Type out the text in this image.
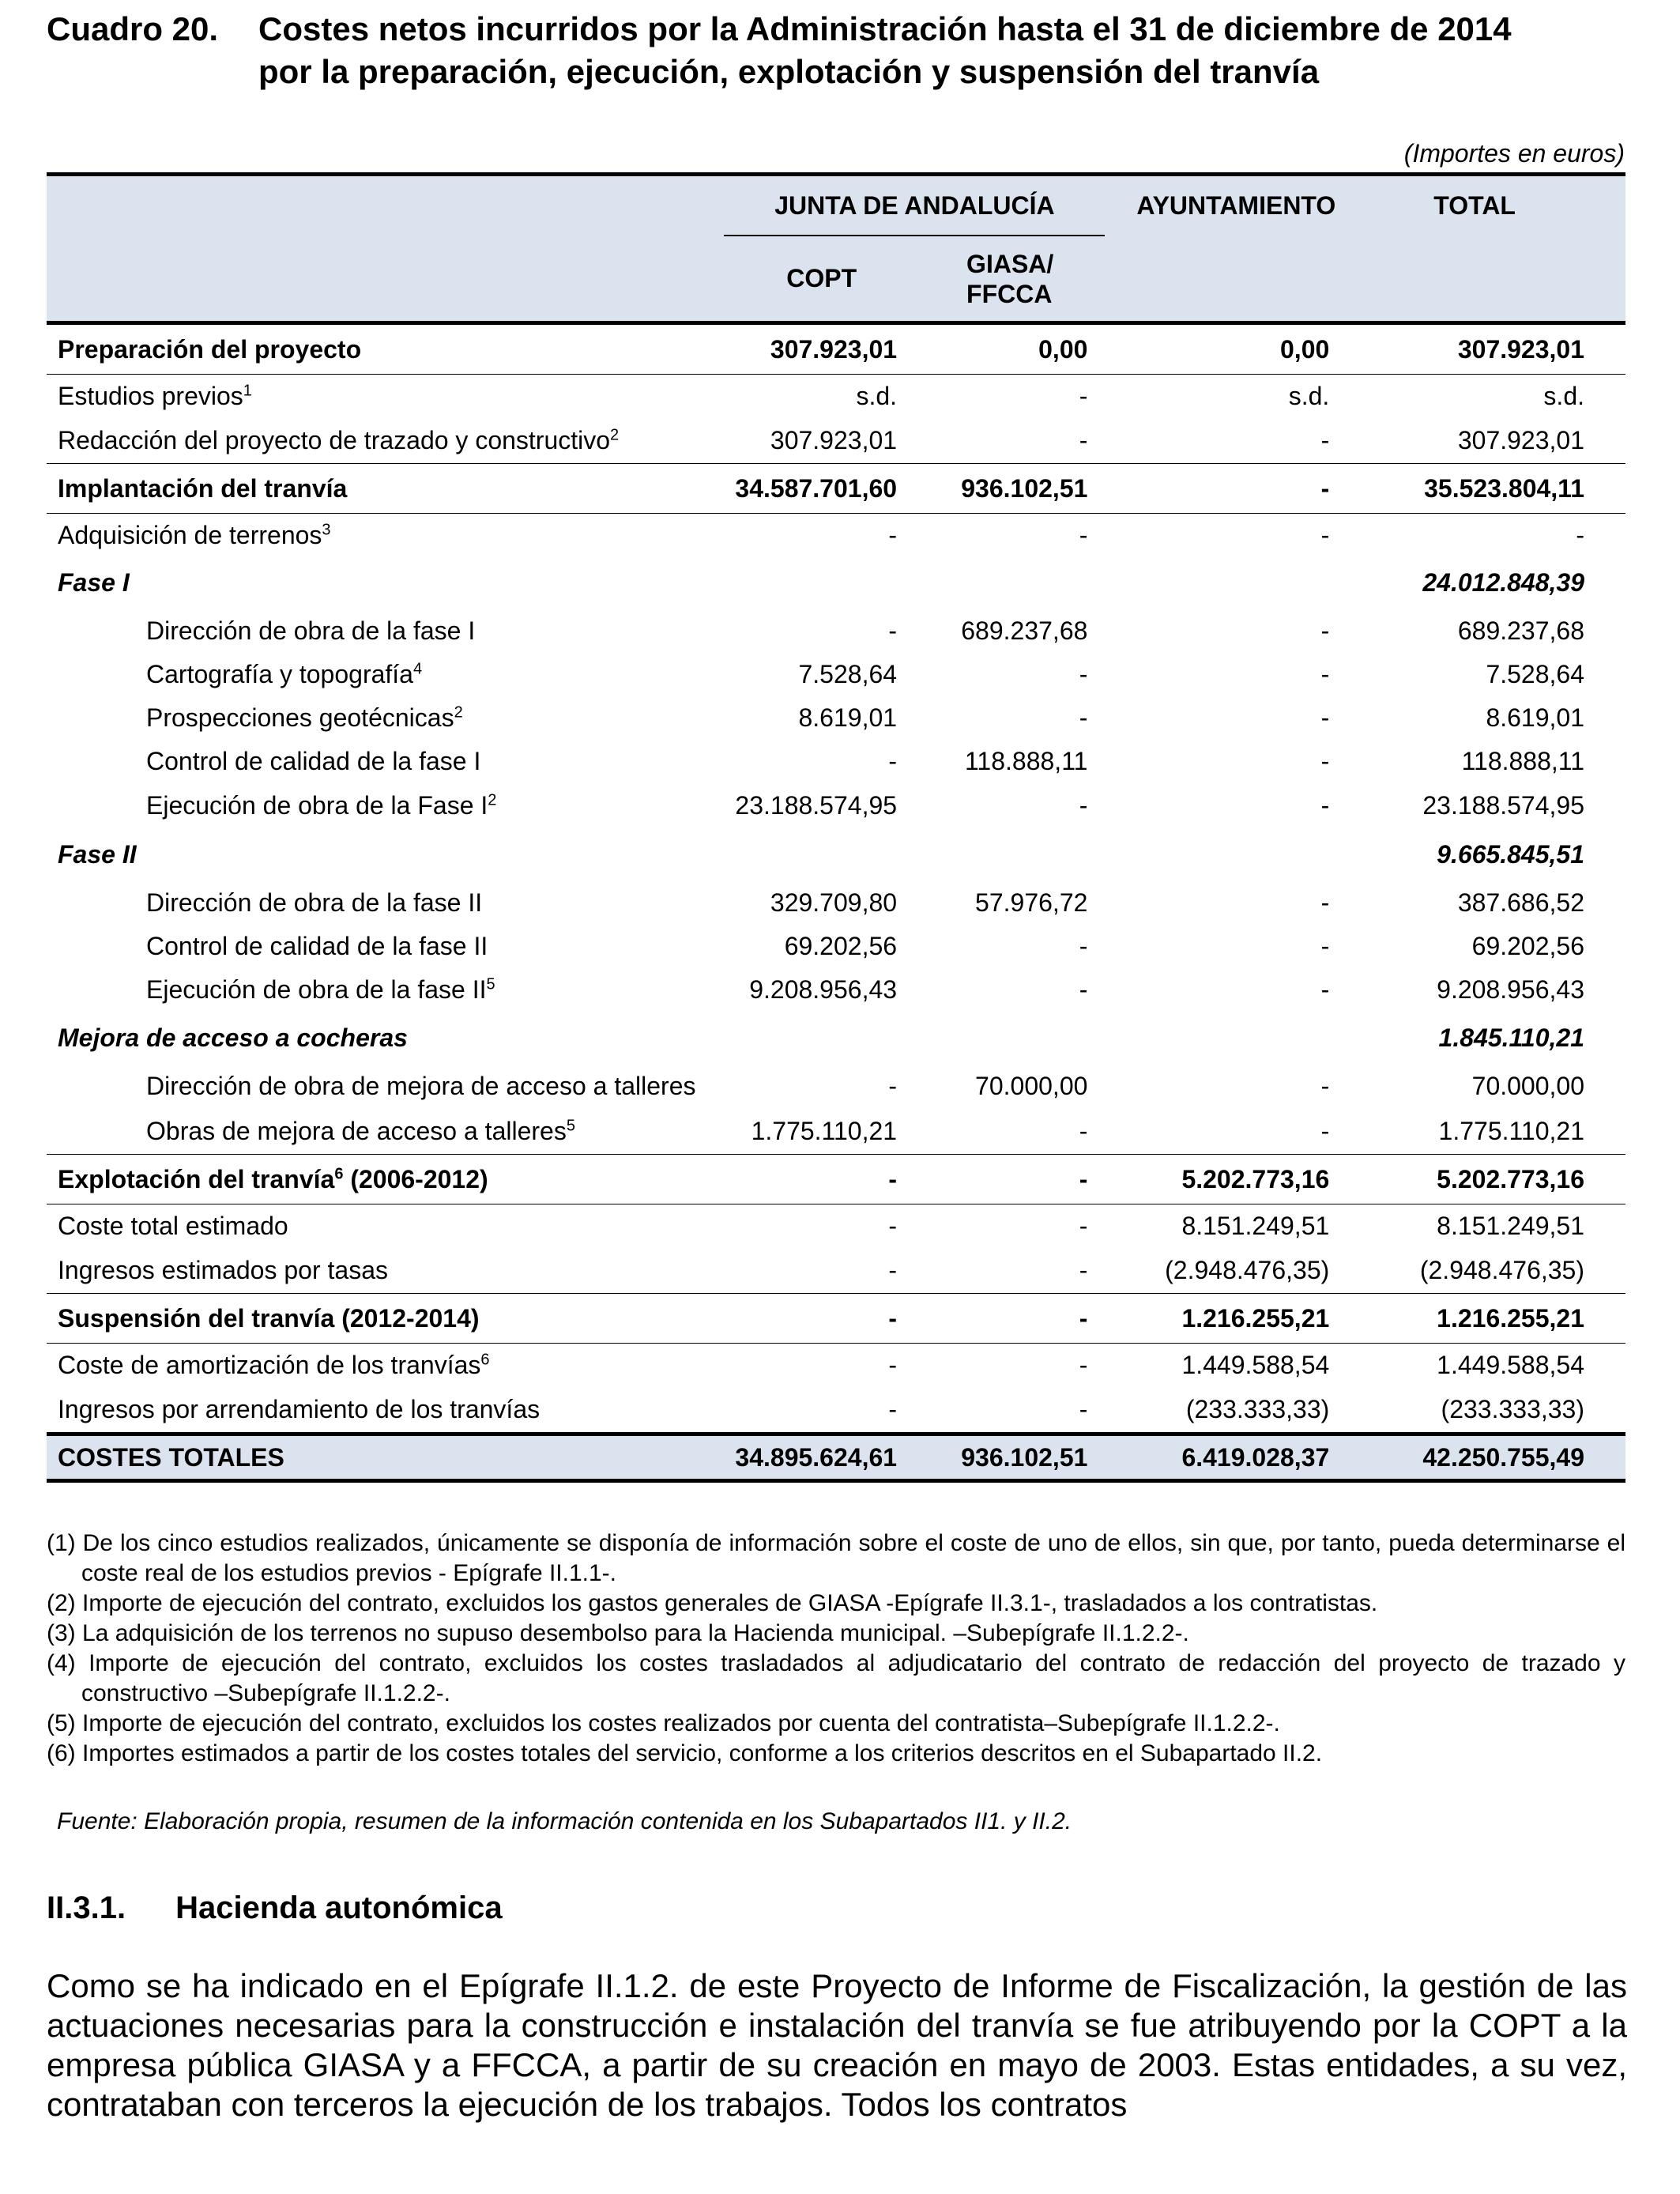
Cuadro 20. Costes netos incurridos por la Administración hasta el 31 de diciembre de 2014
por la preparación, ejecución, explotación y suspensión del tranvía
(Importes en euros)
	JUNTA DE ANDALUCÍA		AYUNTAMIENTO	TOTAL
	COPT	GIASA/
FFCCA		
Preparación del proyecto	307.923,01	0,00	0,00	307.923,01
Estudios previos$^1$	s.d.	-	s.d.	s.d.
Redacción del proyecto de trazado y constructivo$^2$	307.923,01	-	-	307.923,01
Implantación del tranvía	34.587.701,60	936.102,51	-	35.523.804,11
Adquisición de terrenos$^3$	-	-	-	-
Fase I				24.012.848,39
Dirección de obra de la fase I	-	689.237,68	-	689.237,68
Cartografía y topografía$^4$	7.528,64	-	-	7.528,64
Prospecciones geotécnicas$^2$	8.619,01	-	-	8.619,01
Control de calidad de la fase I	-	118.888,11	-	118.888,11
Ejecución de obra de la Fase $I^2$	23.188.574,95	-	-	23.188.574,95
Fase II				9.665.845,51
Dirección de obra de la fase II	329.709,80	57.976,72	-	387.686,52
Control de calidad de la fase II	69.202,56	-	-	69.202,56
Ejecución de obra de la fase $II^5$	9.208.956,43	-	-	9.208.956,43
Mejora de acceso a cocheras				1.845.110,21
Dirección de obra de mejora de acceso a talleres	-	70.000,00	-	70.000,00
Obras de mejora de acceso a talleres$^5$	1.775.110,21	-	-	1.775.110,21
Explotación del tranvía$^6$ (2006-2012)	-	-	5.202.773,16	5.202.773,16
Coste total estimado	-	-	8.151.249,51	8.151.249,51
Ingresos estimados por tasas	-	-	(2.948.476,35)	(2.948.476,35)
Suspensión del tranvía (2012-2014)	-	-	1.216.255,21	1.216.255,21
Coste de amortización de los tranvías$^6$	-	-	1.449.588,54	1.449.588,54
Ingresos por arrendamiento de los tranvías	-	-	(233.333,33)	(233.333,33)
COSTES TOTALES	34.895.624,61	936.102,51	6.419.028,37	42.250.755,49

(1) De los cinco estudios realizados, únicamente se disponía de información sobre el coste de uno de ellos, sin que, por tanto, pueda determinarse el coste real de los estudios previos - Epígrafe II.1.1-.

(2) Importe de ejecución del contrato, excluidos los gastos generales de GIASA -Epígrafe II.3.1-, trasladados a los contratistas.

(3) La adquisición de los terrenos no supuso desembolso para la Hacienda municipal. –Subepígrafe II.1.2.2-.

(4) Importe de ejecución del contrato, excluidos los costes trasladados al adjudicatario del contrato de redacción del proyecto de trazado y constructivo –Subepígrafe II.1.2.2-.

(5) Importe de ejecución del contrato, excluidos los costes realizados por cuenta del contratista–Subepígrafe II.1.2.2-.

(6) Importes estimados a partir de los costes totales del servicio, conforme a los criterios descritos en el Subapartado II.2.

Fuente: Elaboración propia, resumen de la información contenida en los Subapartados II1. y II.2.
II.3.1. Hacienda autonómica
Como se ha indicado en el Epígrafe II.1.2. de este Proyecto de Informe de Fiscalización, la gestión de las actuaciones necesarias para la construcción e instalación del tranvía se fue atribuyendo por la COPT a la empresa pública GIASA y a FFCCA, a partir de su creación en mayo de 2003. Estas entidades, a su vez, contrataban con terceros la ejecución de los trabajos. Todos los contratos
